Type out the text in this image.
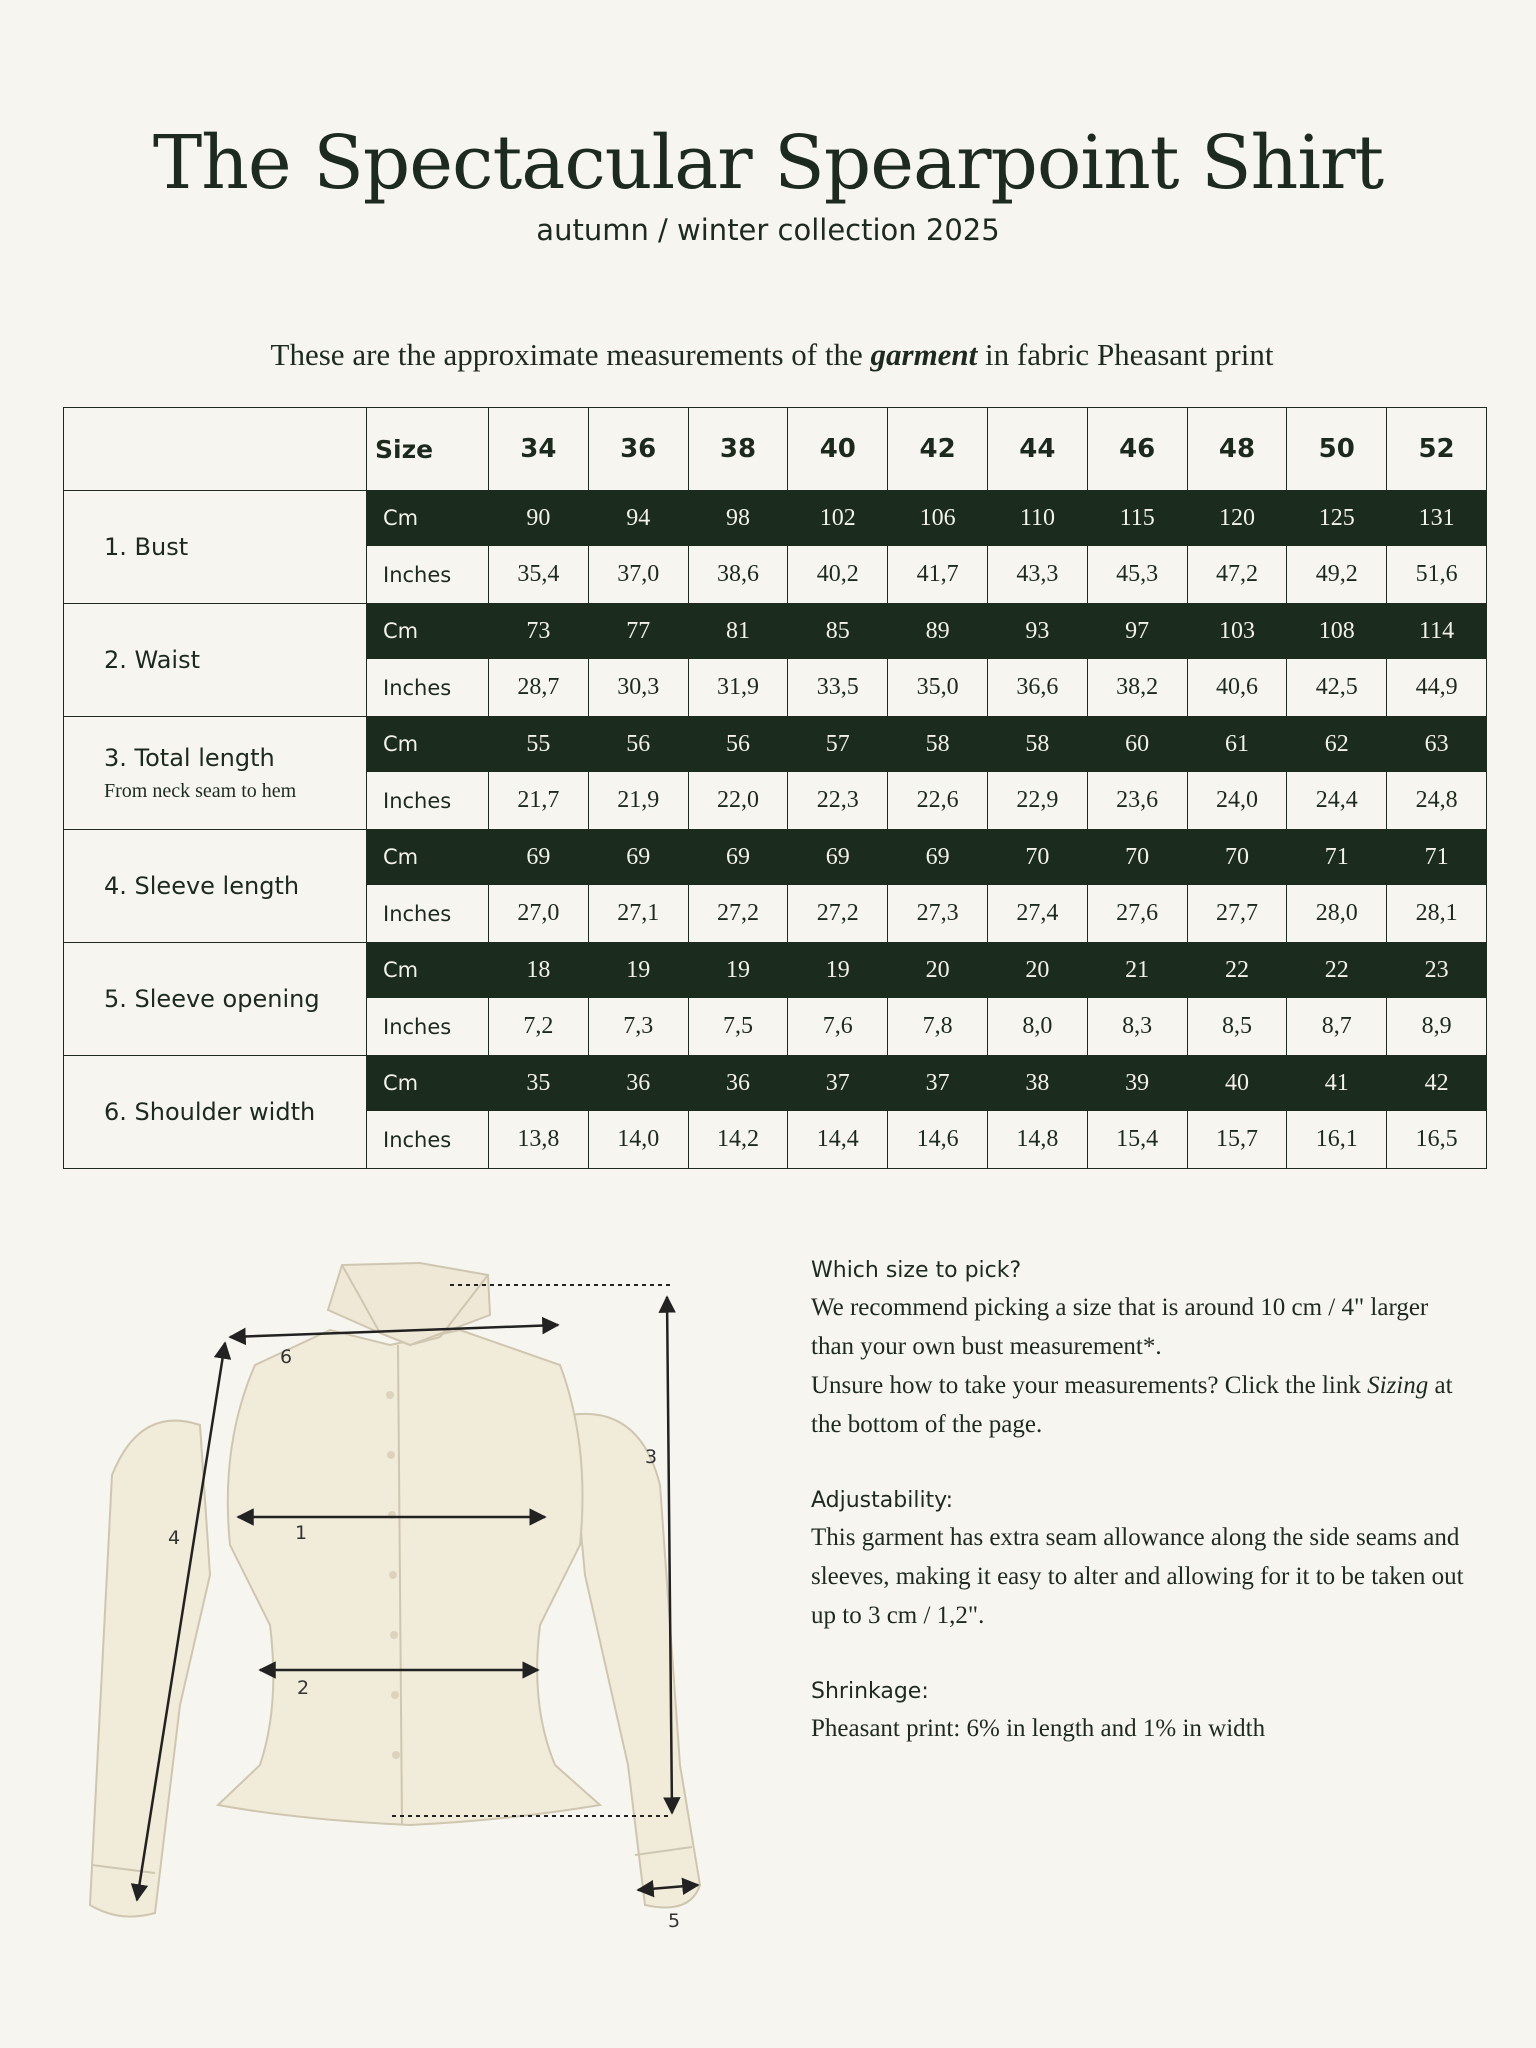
The Spectacular Spearpoint Shirt
autumn / winter collection 2025
These are the approximate measurements of the garment in fabric Pheasant print
	Size	34	36	38	40	42	44	46	48	50	52
1. Bust	Cm	90	94	98	102	106	110	115	120	125	131
	Inches	35,4	37,0	38,6	40,2	41,7	43,3	45,3	47,2	49,2	51,6
2. Waist	Cm	73	77	81	85	89	93	97	103	108	114
	Inches	28,7	30,3	31,9	33,5	35,0	36,6	38,2	40,6	42,5	44,9
3. Total length
From neck seam to hem	Cm	55	56	56	57	58	58	60	61	62	63
	Inches	21,7	21,9	22,0	22,3	22,6	22,9	23,6	24,0	24,4	24,8
4. Sleeve length	Cm	69	69	69	69	69	70	70	70	71	71
	Inches	27,0	27,1	27,2	27,2	27,3	27,4	27,6	27,7	28,0	28,1
5. Sleeve opening	Cm	18	19	19	19	20	20	21	22	22	23
	Inches	7,2	7,3	7,5	7,6	7,8	8,0	8,3	8,5	8,7	8,9
6. Shoulder width	Cm	35	36	36	37	37	38	39	40	41	42
	Inches	13,8	14,0	14,2	14,4	14,6	14,8	15,4	15,7	16,1	16,5
6
1
2
3
4
5
Which size to pick?
We recommend picking a size that is around 10 cm / 4" larger than your own bust measurement*.
Unsure how to take your measurements? Click the link Sizing at the bottom of the page.
Adjustability:
This garment has extra seam allowance along the side seams and sleeves, making it easy to alter and allowing for it to be taken out up to 3 cm / 1,2".
Shrinkage:
Pheasant print: 6% in length and 1% in width
